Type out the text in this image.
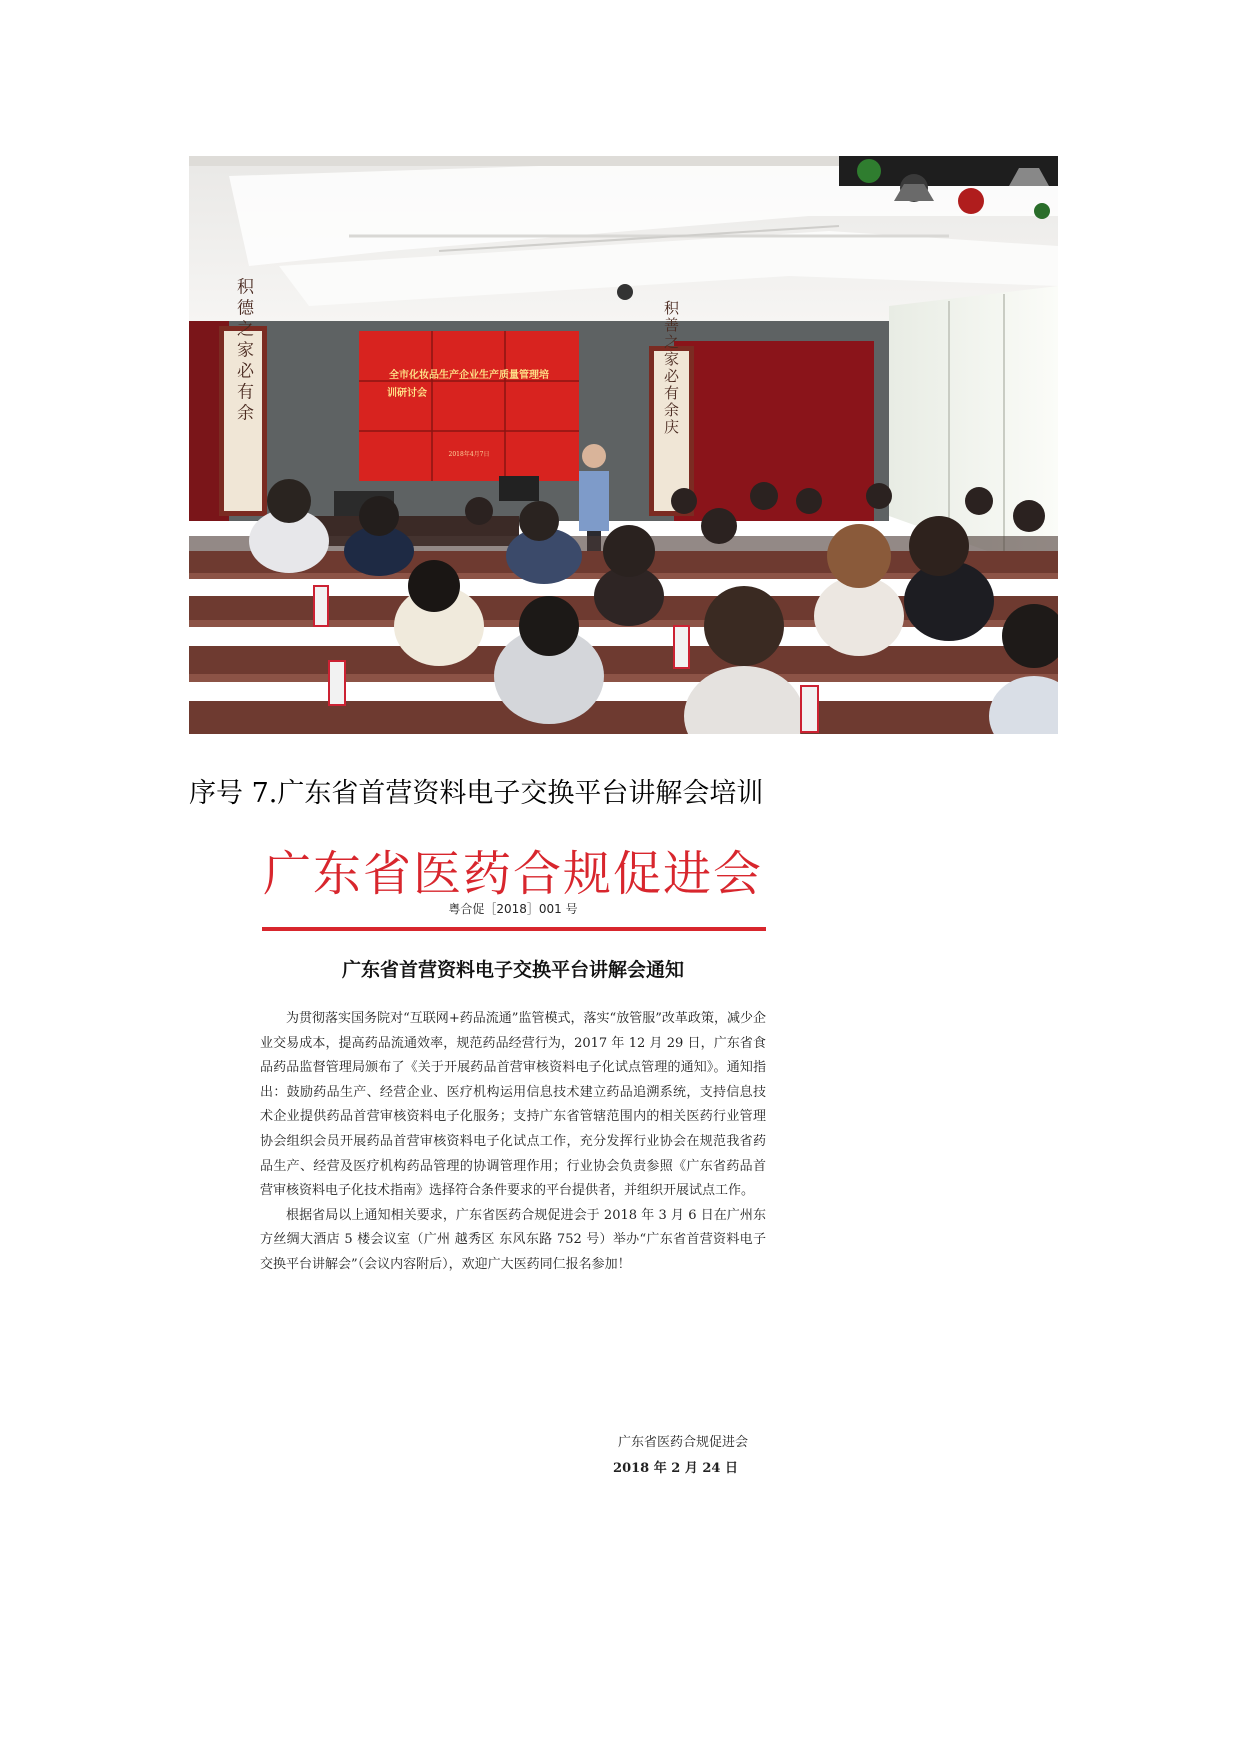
积德之家必有余	积善之家必有余庆
全市化妆品生产企业生产质量管理培
训研讨会
2018年4月7日
序号 7.广东省首营资料电子交换平台讲解会培训
广东省医药合规促进会
粤合促［2018］001 号
广东省首营资料电子交换平台讲解会通知

为贯彻落实国务院对“互联网+药品流通”监管模式，落实“放管服”改革政策，减少企业交易成本，提高药品流通效率，规范药品经营行为，2017 年 12 月 29 日，广东省食品药品监督管理局颁布了《关于开展药品首营审核资料电子化试点管理的通知》。通知指出：鼓励药品生产、经营企业、医疗机构运用信息技术建立药品追溯系统，支持信息技术企业提供药品首营审核资料电子化服务；支持广东省管辖范围内的相关医药行业管理协会组织会员开展药品首营审核资料电子化试点工作，充分发挥行业协会在规范我省药品生产、经营及医疗机构药品管理的协调管理作用；行业协会负责参照《广东省药品首营审核资料电子化技术指南》选择符合条件要求的平台提供者，并组织开展试点工作。

根据省局以上通知相关要求，广东省医药合规促进会于 2018 年 3 月 6 日在广州东方丝绸大酒店 5 楼会议室（广州 越秀区 东风东路 752 号）举办“广东省首营资料电子交换平台讲解会”（会议内容附后），欢迎广大医药同仁报名参加！

广东省医药合规促进会
2018 年 2 月 24 日
